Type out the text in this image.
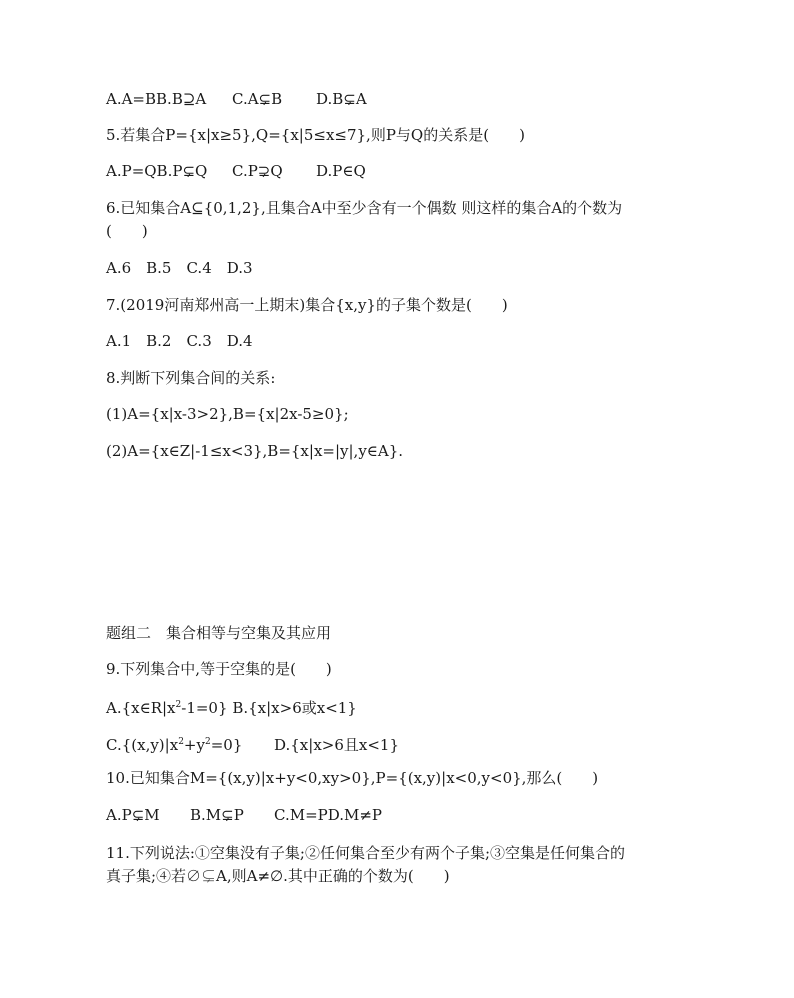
A.A=BB.B⊇A C.A⊊B D.B⊊A
5.若集合P={x|x≥5},Q={x|5≤x≤7},则P与Q的关系是(　　)
A.P=QB.P⊊Q C.P⊋Q D.P∈Q
6.已知集合A⊆{0,1,2},且集合A中至少含有一个偶数 则这样的集合A的个数为
(　　)
A.6　B.5　C.4　D.3
7.(2019河南郑州高一上期末)集合{x,y}的子集个数是(　　)
A.1　B.2　C.3　D.4
8.判断下列集合间的关系:
(1)A={x|x-3>2},B={x|2x-5≥0};
(2)A={x∈Z|-1≤x<3},B={x|x=|y|,y∈A}.
题组二　集合相等与空集及其应用
9.下列集合中,等于空集的是(　　)
$A.\{x\in R|x^2-1=0\}$ B.{x|x>6或x<1}
$C.\{(x,y)|x^2+y^2=0\}$ D.{x|x>6且x<1}
10.已知集合M={(x,y)|x+y<0,xy>0},P={(x,y)|x<0,y<0},那么(　　)
A.P⊊M B.M⊊P C.M=PD.M≠P
11.下列说法:①空集没有子集;②任何集合至少有两个子集;③空集是任何集合的
真子集;④若∅⊊A,则A≠∅.其中正确的个数为(　　)
